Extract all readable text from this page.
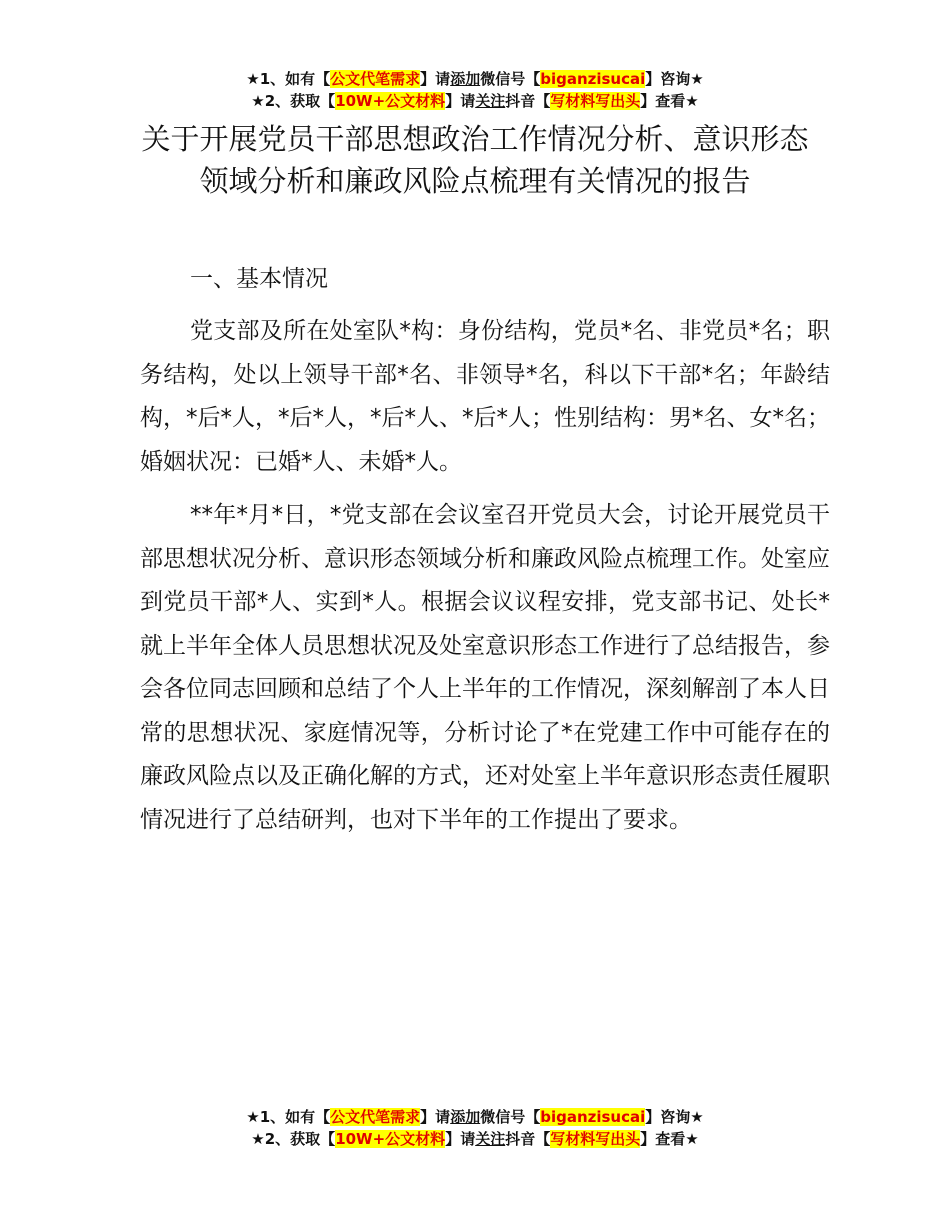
★1、如有【公文代笔需求】请添加微信号【biganzisucai】咨询★
★2、获取【10W+公文材料】请关注抖音【写材料写出头】查看★
关于开展党员干部思想政治工作情况分析、意识形态领域分析和廉政风险点梳理有关情况的报告
一、基本情况

党支部及所在处室队*构：身份结构，党员*名、非党员*名；职务结构，处以上领导干部*名、非领导*名，科以下干部*名；年龄结构，*后*人，*后*人，*后*人、*后*人；性别结构：男*名、女*名；婚姻状况：已婚*人、未婚*人。

**年*月*日，*党支部在会议室召开党员大会，讨论开展党员干部思想状况分析、意识形态领域分析和廉政风险点梳理工作。处室应到党员干部*人、实到*人。根据会议议程安排，党支部书记、处长*就上半年全体人员思想状况及处室意识形态工作进行了总结报告，参会各位同志回顾和总结了个人上半年的工作情况，深刻解剖了本人日常的思想状况、家庭情况等，分析讨论了*在党建工作中可能存在的廉政风险点以及正确化解的方式，还对处室上半年意识形态责任履职情况进行了总结研判，也对下半年的工作提出了要求。

★1、如有【公文代笔需求】请添加微信号【biganzisucai】咨询★
★2、获取【10W+公文材料】请关注抖音【写材料写出头】查看★
